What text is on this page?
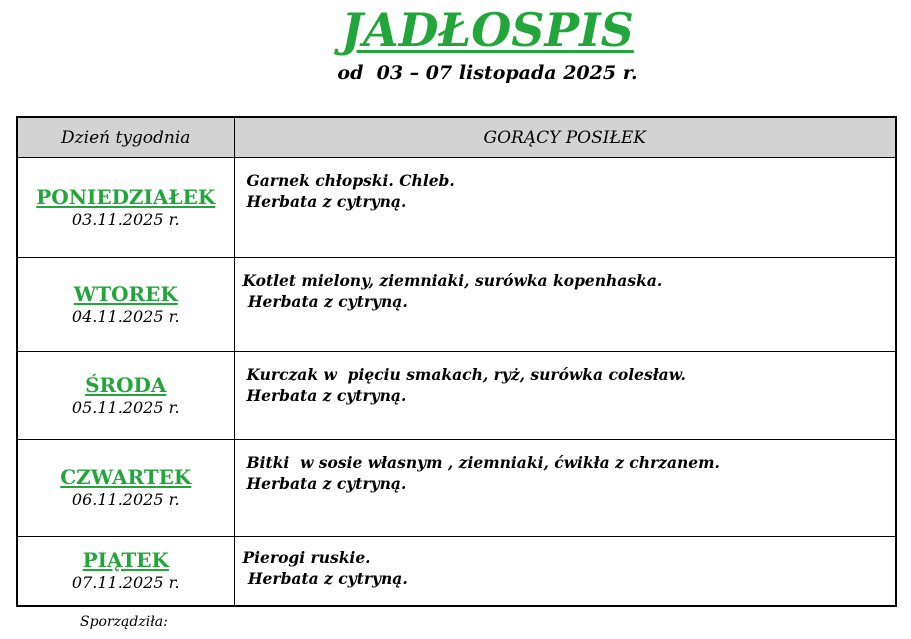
JADŁOSPIS
od  03 – 07 listopada 2025 r.
Dzień tygodnia	GORĄCY POSIŁEK

PONIEDZIAŁEK
03.11.2025 r.	Garnek chłopski. Chleb.
Herbata z cytryną.

WTOREK
04.11.2025 r.	Kotlet mielony, ziemniaki, surówka kopenhaska.
Herbata z cytryną.

ŚRODA
05.11.2025 r.	Kurczak w  pięciu smakach, ryż, surówka colesław.
Herbata z cytryną.

CZWARTEK
06.11.2025 r.	Bitki  w sosie własnym , ziemniaki, ćwikła z chrzanem.
Herbata z cytryną.

PIĄTEK
07.11.2025 r.	Pierogi ruskie.
Herbata z cytryną.
Sporządziła:
